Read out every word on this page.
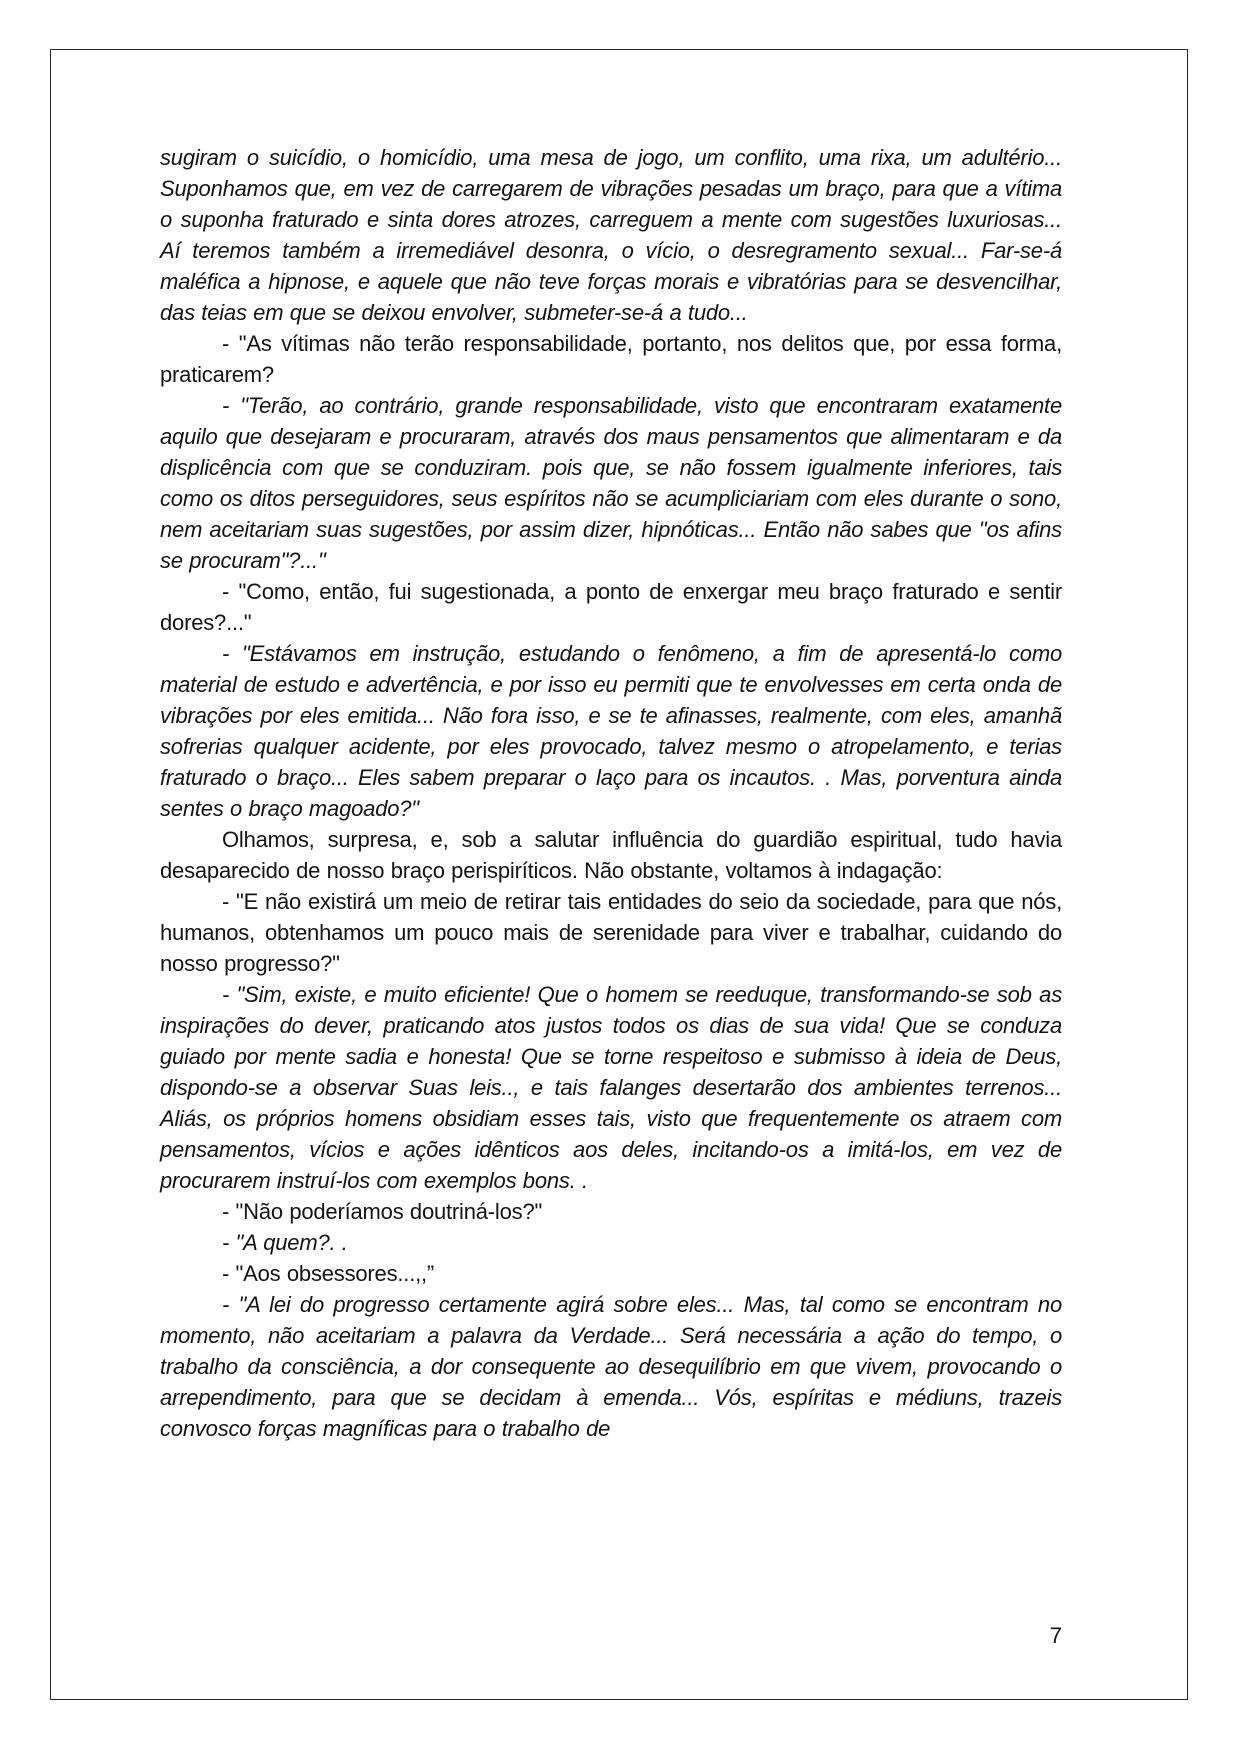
sugiram o suicídio, o homicídio, uma mesa de jogo, um conflito, uma rixa, um adultério... Suponhamos que, em vez de carregarem de vibrações pesadas um braço, para que a vítima o suponha fraturado e sinta dores atrozes, carreguem a mente com sugestões luxuriosas... Aí teremos também a irremediável desonra, o vício, o desregramento sexual... Far-se-á maléfica a hipnose, e aquele que não teve forças morais e vibratórias para se desvencilhar, das teias em que se deixou envolver, submeter-se-á a tudo...

- "As vítimas não terão responsabilidade, portanto, nos delitos que, por essa forma, praticarem?

- "Terão, ao contrário, grande responsabilidade, visto que encontraram exatamente aquilo que desejaram e procuraram, através dos maus pensamentos que alimentaram e da displicência com que se conduziram. pois que, se não fossem igualmente inferiores, tais como os ditos perseguidores, seus espíritos não se acumpliciariam com eles durante o sono, nem aceitariam suas sugestões, por assim dizer, hipnóticas... Então não sabes que "os afins se procuram"?..."

- "Como, então, fui sugestionada, a ponto de enxergar meu braço fraturado e sentir dores?..."

- "Estávamos em instrução, estudando o fenômeno, a fim de apresentá-lo como material de estudo e advertência, e por isso eu permiti que te envolvesses em certa onda de vibrações por eles emitida... Não fora isso, e se te afinasses, realmente, com eles, amanhã sofrerias qualquer acidente, por eles provocado, talvez mesmo o atropelamento, e terias fraturado o braço... Eles sabem preparar o laço para os incautos. . Mas, porventura ainda sentes o braço magoado?"

Olhamos, surpresa, e, sob a salutar influência do guardião espiritual, tudo havia desaparecido de nosso braço perispiríticos. Não obstante, voltamos à indagação:

- "E não existirá um meio de retirar tais entidades do seio da sociedade, para que nós, humanos, obtenhamos um pouco mais de serenidade para viver e trabalhar, cuidando do nosso progresso?"

- "Sim, existe, e muito eficiente! Que o homem se reeduque, transformando-se sob as inspirações do dever, praticando atos justos todos os dias de sua vida! Que se conduza guiado por mente sadia e honesta! Que se torne respeitoso e submisso à ideia de Deus, dispondo-se a observar Suas leis.., e tais falanges desertarão dos ambientes terrenos... Aliás, os próprios homens obsidiam esses tais, visto que frequentemente os atraem com pensamentos, vícios e ações idênticos aos deles, incitando-os a imitá-los, em vez de procurarem instruí-los com exemplos bons. .

- "Não poderíamos doutriná-los?"

- "A quem?. .

- "Aos obsessores...,,”

- "A lei do progresso certamente agirá sobre eles... Mas, tal como se encontram no momento, não aceitariam a palavra da Verdade... Será necessária a ação do tempo, o trabalho da consciência, a dor consequente ao desequilíbrio em que vivem, provocando o arrependimento, para que se decidam à emenda... Vós, espíritas e médiuns, trazeis convosco forças magníficas para o trabalho de

7
